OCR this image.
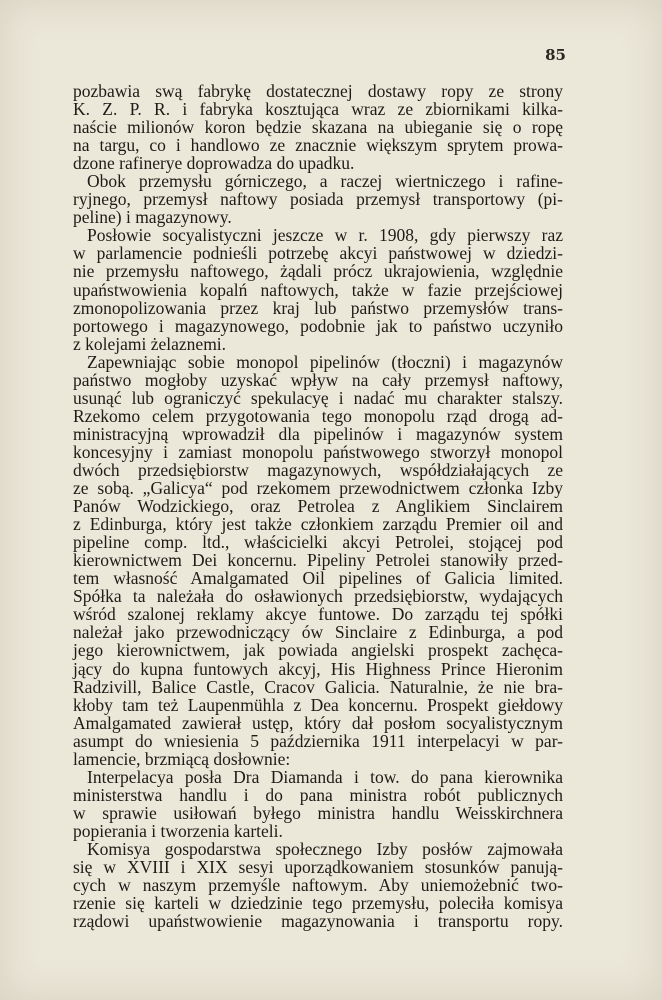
85
pozbawia swą fabrykę dostatecznej dostawy ropy ze strony
K. Z. P. R. i fabryka kosztująca wraz ze zbiornikami kilka-
naście milionów koron będzie skazana na ubieganie się o ropę
na targu, co i handlowo ze znacznie większym sprytem prowa-
dzone rafinerye doprowadza do upadku.
Obok przemysłu górniczego, a raczej wiertniczego i rafine-
ryjnego, przemysł naftowy posiada przemysł transportowy (pi-
peline) i magazynowy.
Posłowie socyalistyczni jeszcze w r. 1908, gdy pierwszy raz
w parlamencie podnieśli potrzebę akcyi państwowej w dziedzi-
nie przemysłu naftowego, żądali prócz ukrajowienia, względnie
upaństwowienia kopalń naftowych, także w fazie przejściowej
zmonopolizowania przez kraj lub państwo przemysłów trans-
portowego i magazynowego, podobnie jak to państwo uczyniło
z kolejami żelaznemi.
Zapewniając sobie monopol pipelinów (tłoczni) i magazynów
państwo mogłoby uzyskać wpływ na cały przemysł naftowy,
usunąć lub ograniczyć spekulacyę i nadać mu charakter stalszy.
Rzekomo celem przygotowania tego monopolu rząd drogą ad-
ministracyjną wprowadził dla pipelinów i magazynów system
koncesyjny i zamiast monopolu państwowego stworzył monopol
dwóch przedsiębiorstw magazynowych, współdziałających ze
ze sobą. „Galicya“ pod rzekomem przewodnictwem członka Izby
Panów Wodzickiego, oraz Petrolea z Anglikiem Sinclairem
z Edinburga, który jest także członkiem zarządu Premier oil and
pipeline comp. ltd., właścicielki akcyi Petrolei, stojącej pod
kierownictwem Dei koncernu. Pipeliny Petrolei stanowiły przed-
tem własność Amalgamated Oil pipelines of Galicia limited.
Spółka ta należała do osławionych przedsiębiorstw, wydających
wśród szalonej reklamy akcye funtowe. Do zarządu tej spółki
należał jako przewodniczący ów Sinclaire z Edinburga, a pod
jego kierownictwem, jak powiada angielski prospekt zachęca-
jący do kupna funtowych akcyj, His Highness Prince Hieronim
Radzivill, Balice Castle, Cracov Galicia. Naturalnie, że nie bra-
kłoby tam też Laupenmühla z Dea koncernu. Prospekt giełdowy
Amalgamated zawierał ustęp, który dał posłom socyalistycznym
asumpt do wniesienia 5 października 1911 interpelacyi w par-
lamencie, brzmiącą dosłownie:
Interpelacya posła Dra Diamanda i tow. do pana kierownika
ministerstwa handlu i do pana ministra robót publicznych
w sprawie usiłowań byłego ministra handlu Weisskirchnera
popierania i tworzenia karteli.
Komisya gospodarstwa społecznego Izby posłów zajmowała
się w XVIII i XIX sesyi uporządkowaniem stosunków panują-
cych w naszym przemyśle naftowym. Aby uniemożebnić two-
rzenie się karteli w dziedzinie tego przemysłu, poleciła komisya
rządowi upaństwowienie magazynowania i transportu ropy.
